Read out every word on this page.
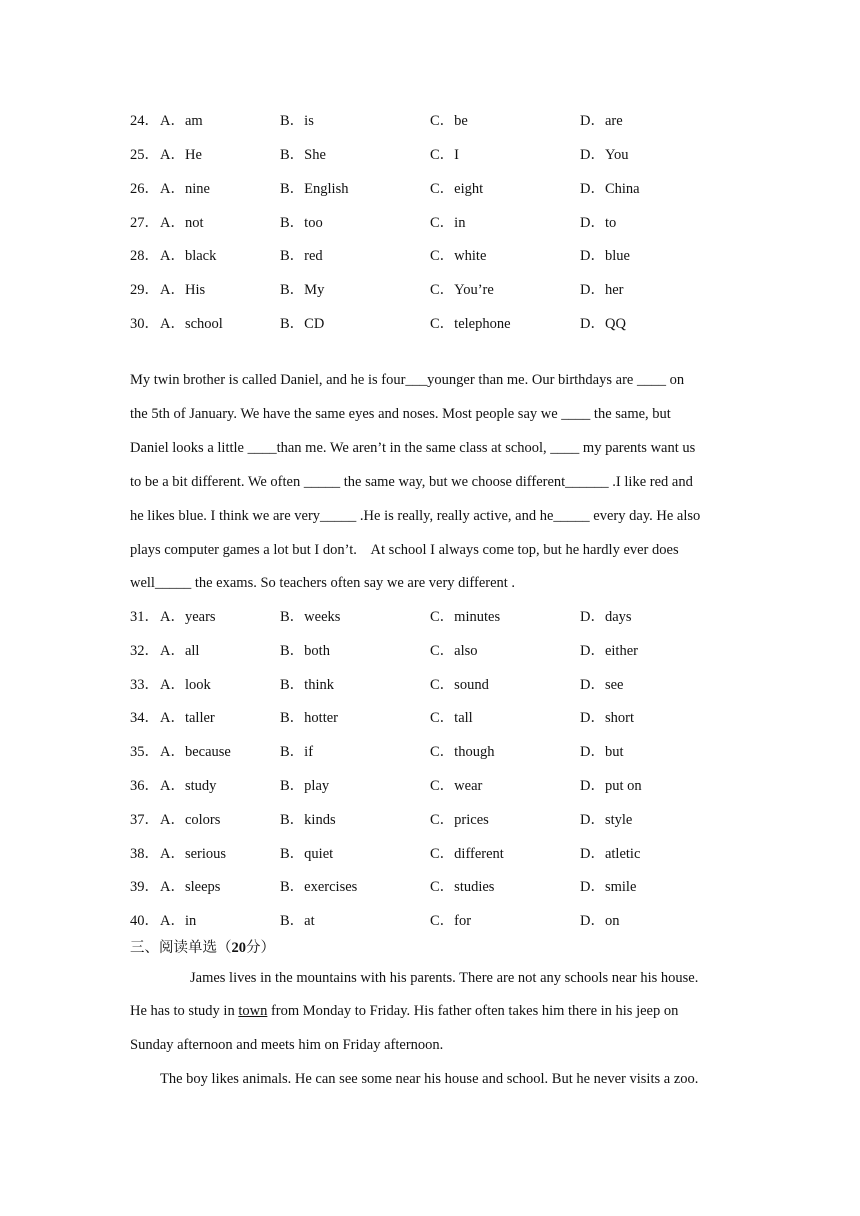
24． A．am	B．is	C．be	D．are
25． A．He	B．She	C．I	D．You
26． A．nine	B．English	C．eight	D．China
27． A．not	B．too	C．in	D．to
28． A．black	B．red	C．white	D．blue
29． A．His	B．My	C．You’re	D．her
30． A．school	B．CD	C．telephone	D．QQ
My twin brother is called Daniel, and he is four___younger than me. Our birthdays are ____ on
the 5th of January. We have the same eyes and noses. Most people say we ____ the same, but
Daniel looks a little ____than me. We aren’t in the same class at school, ____ my parents want us
to be a bit different. We often _____ the same way, but we choose different______ .I like red and
he likes blue. I think we are very_____ .He is really, really active, and he_____ every day. He also
plays computer games a lot but I don’t.    At school I always come top, but he hardly ever does
well_____ the exams. So teachers often say we are very different .
31． A．years	B．weeks	C．minutes	D．days
32． A．all	B．both	C．also	D．either
33． A．look	B．think	C．sound	D．see
34． A．taller	B．hotter	C．tall	D．short
35． A．because	B．if	C．though	D．but
36． A．study	B．play	C．wear	D．put on
37． A．colors	B．kinds	C．prices	D．style
38． A．serious	B．quiet	C．different	D．atletic
39． A．sleeps	B．exercises	C．studies	D．smile
40． A．in	B．at	C．for	D．on
三、阅读单选（20分）
James lives in the mountains with his parents. There are not any schools near his house.
He has to study in town from Monday to Friday. His father often takes him there in his jeep on
Sunday afternoon and meets him on Friday afternoon.
The boy likes animals. He can see some near his house and school. But he never visits a zoo.
